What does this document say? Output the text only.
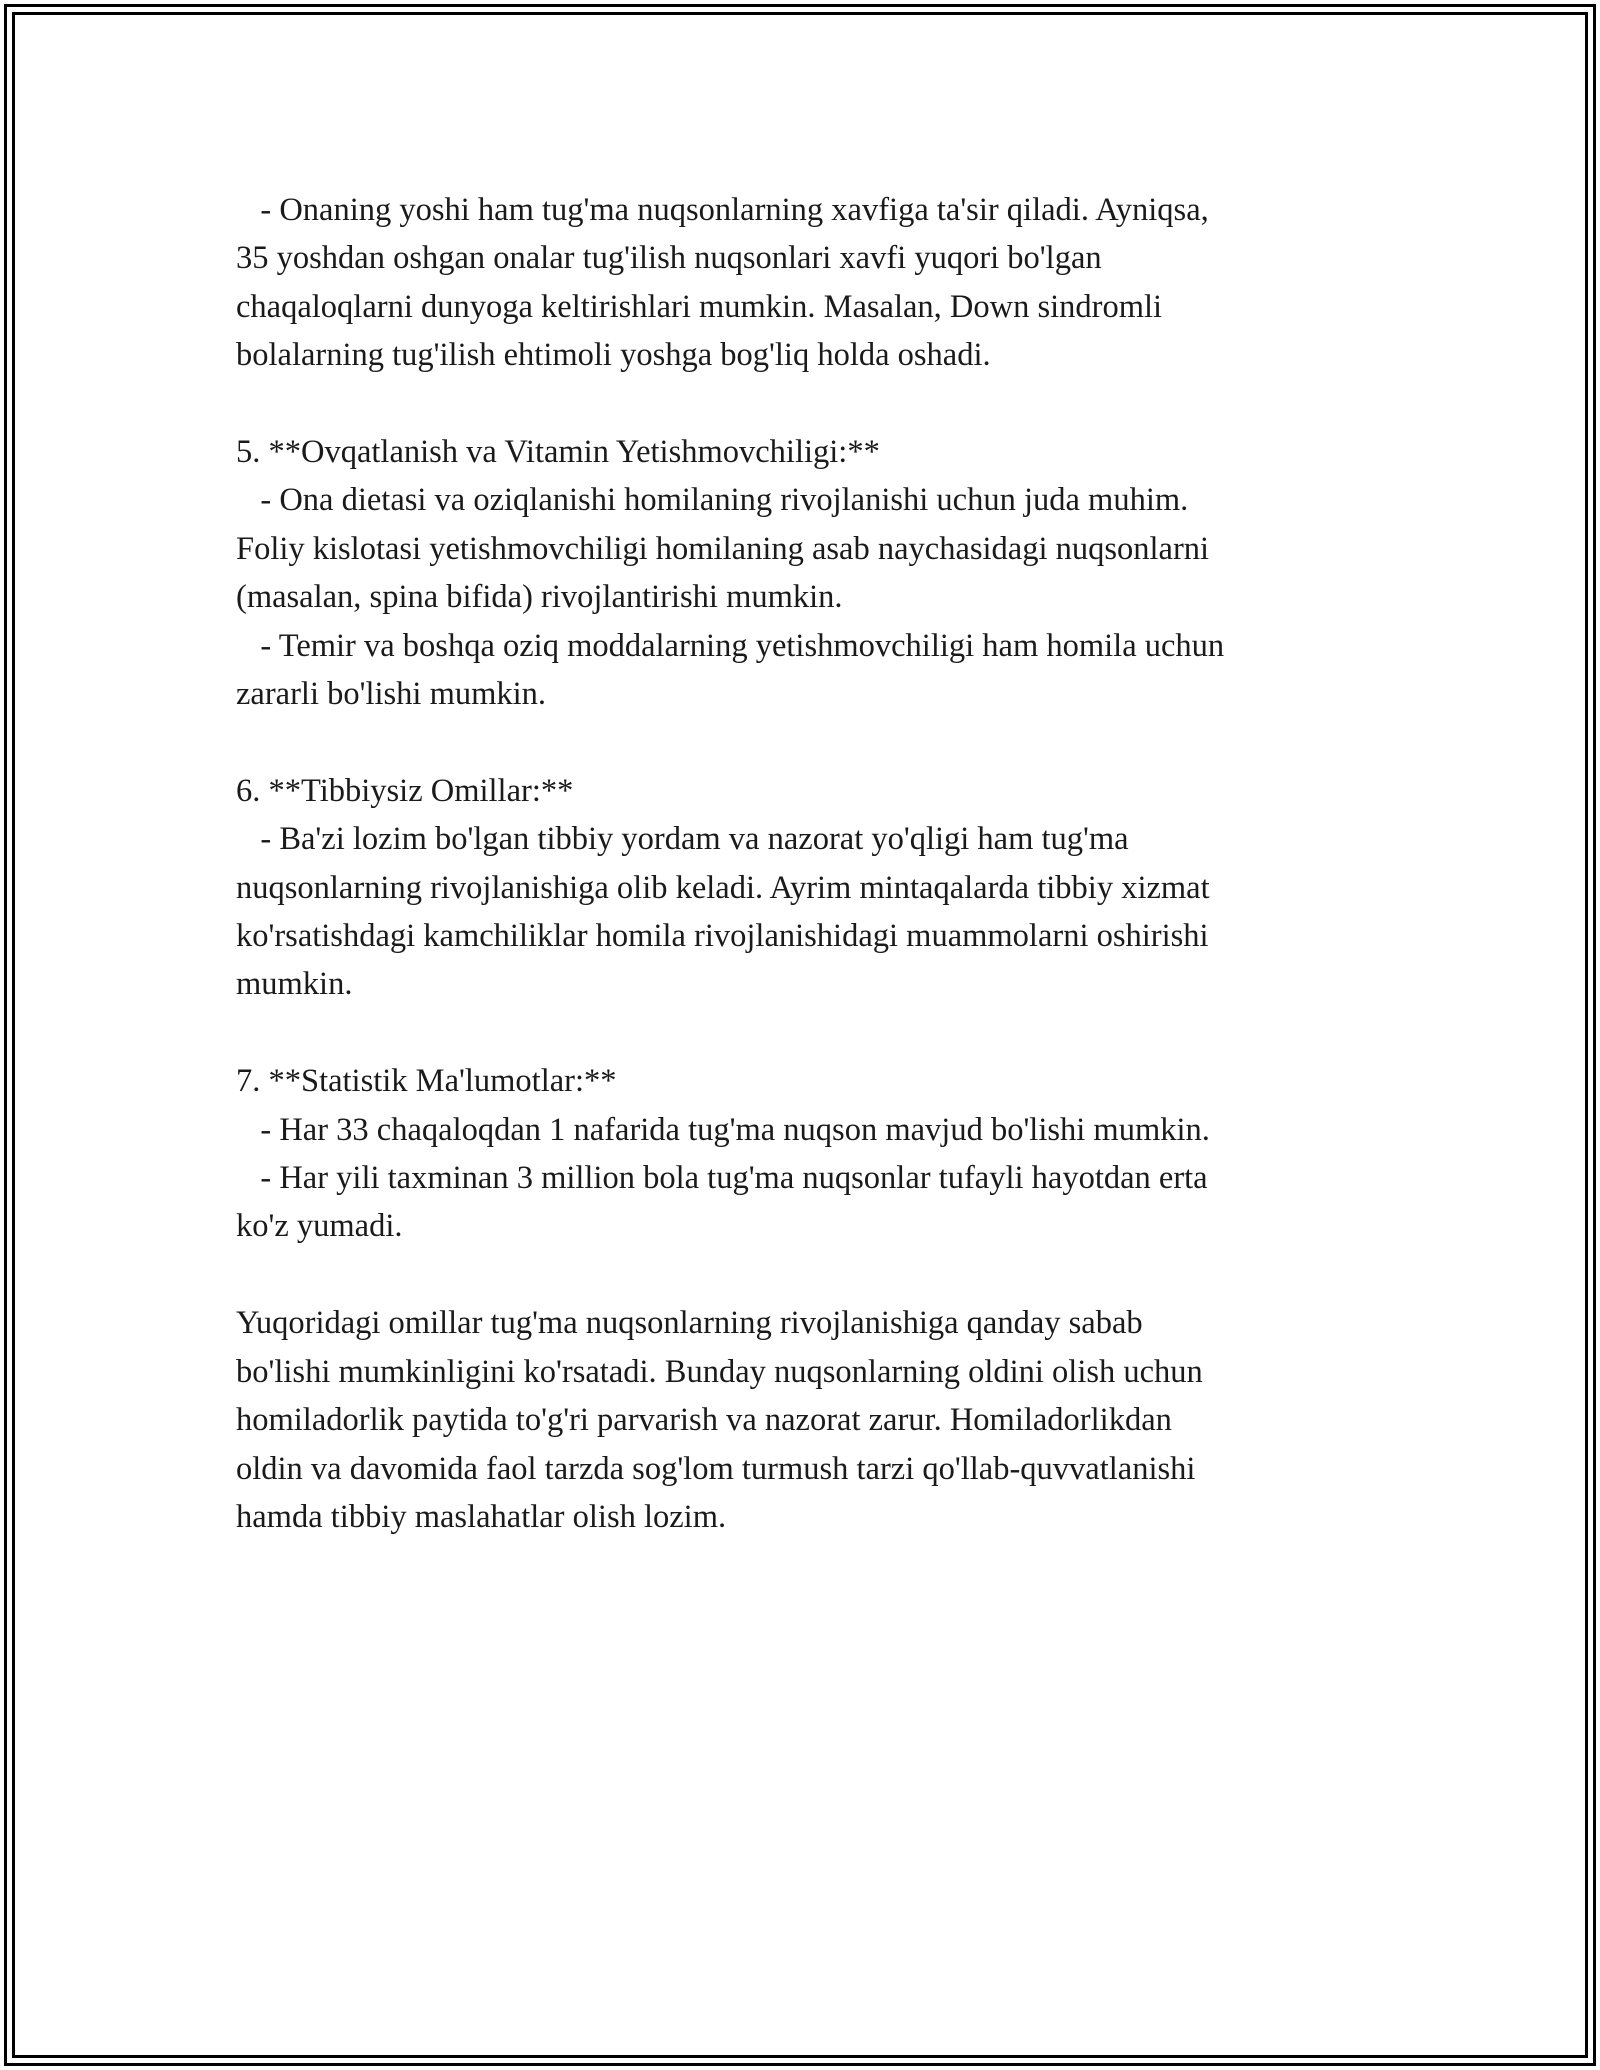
- Onaning yoshi ham tug'ma nuqsonlarning xavfiga ta'sir qiladi. Ayniqsa,

35 yoshdan oshgan onalar tug'ilish nuqsonlari xavfi yuqori bo'lgan

chaqaloqlarni dunyoga keltirishlari mumkin. Masalan, Down sindromli

bolalarning tug'ilish ehtimoli yoshga bog'liq holda oshadi.

5. **Ovqatlanish va Vitamin Yetishmovchiligi:**

- Ona dietasi va oziqlanishi homilaning rivojlanishi uchun juda muhim.

Foliy kislotasi yetishmovchiligi homilaning asab naychasidagi nuqsonlarni

(masalan, spina bifida) rivojlantirishi mumkin.

- Temir va boshqa oziq moddalarning yetishmovchiligi ham homila uchun

zararli bo'lishi mumkin.

6. **Tibbiysiz Omillar:**

- Ba'zi lozim bo'lgan tibbiy yordam va nazorat yo'qligi ham tug'ma

nuqsonlarning rivojlanishiga olib keladi. Ayrim mintaqalarda tibbiy xizmat

ko'rsatishdagi kamchiliklar homila rivojlanishidagi muammolarni oshirishi

mumkin.

7. **Statistik Ma'lumotlar:**

- Har 33 chaqaloqdan 1 nafarida tug'ma nuqson mavjud bo'lishi mumkin.

- Har yili taxminan 3 million bola tug'ma nuqsonlar tufayli hayotdan erta

ko'z yumadi.

Yuqoridagi omillar tug'ma nuqsonlarning rivojlanishiga qanday sabab

bo'lishi mumkinligini ko'rsatadi. Bunday nuqsonlarning oldini olish uchun

homiladorlik paytida to'g'ri parvarish va nazorat zarur. Homiladorlikdan

oldin va davomida faol tarzda sog'lom turmush tarzi qo'llab-quvvatlanishi

hamda tibbiy maslahatlar olish lozim.
